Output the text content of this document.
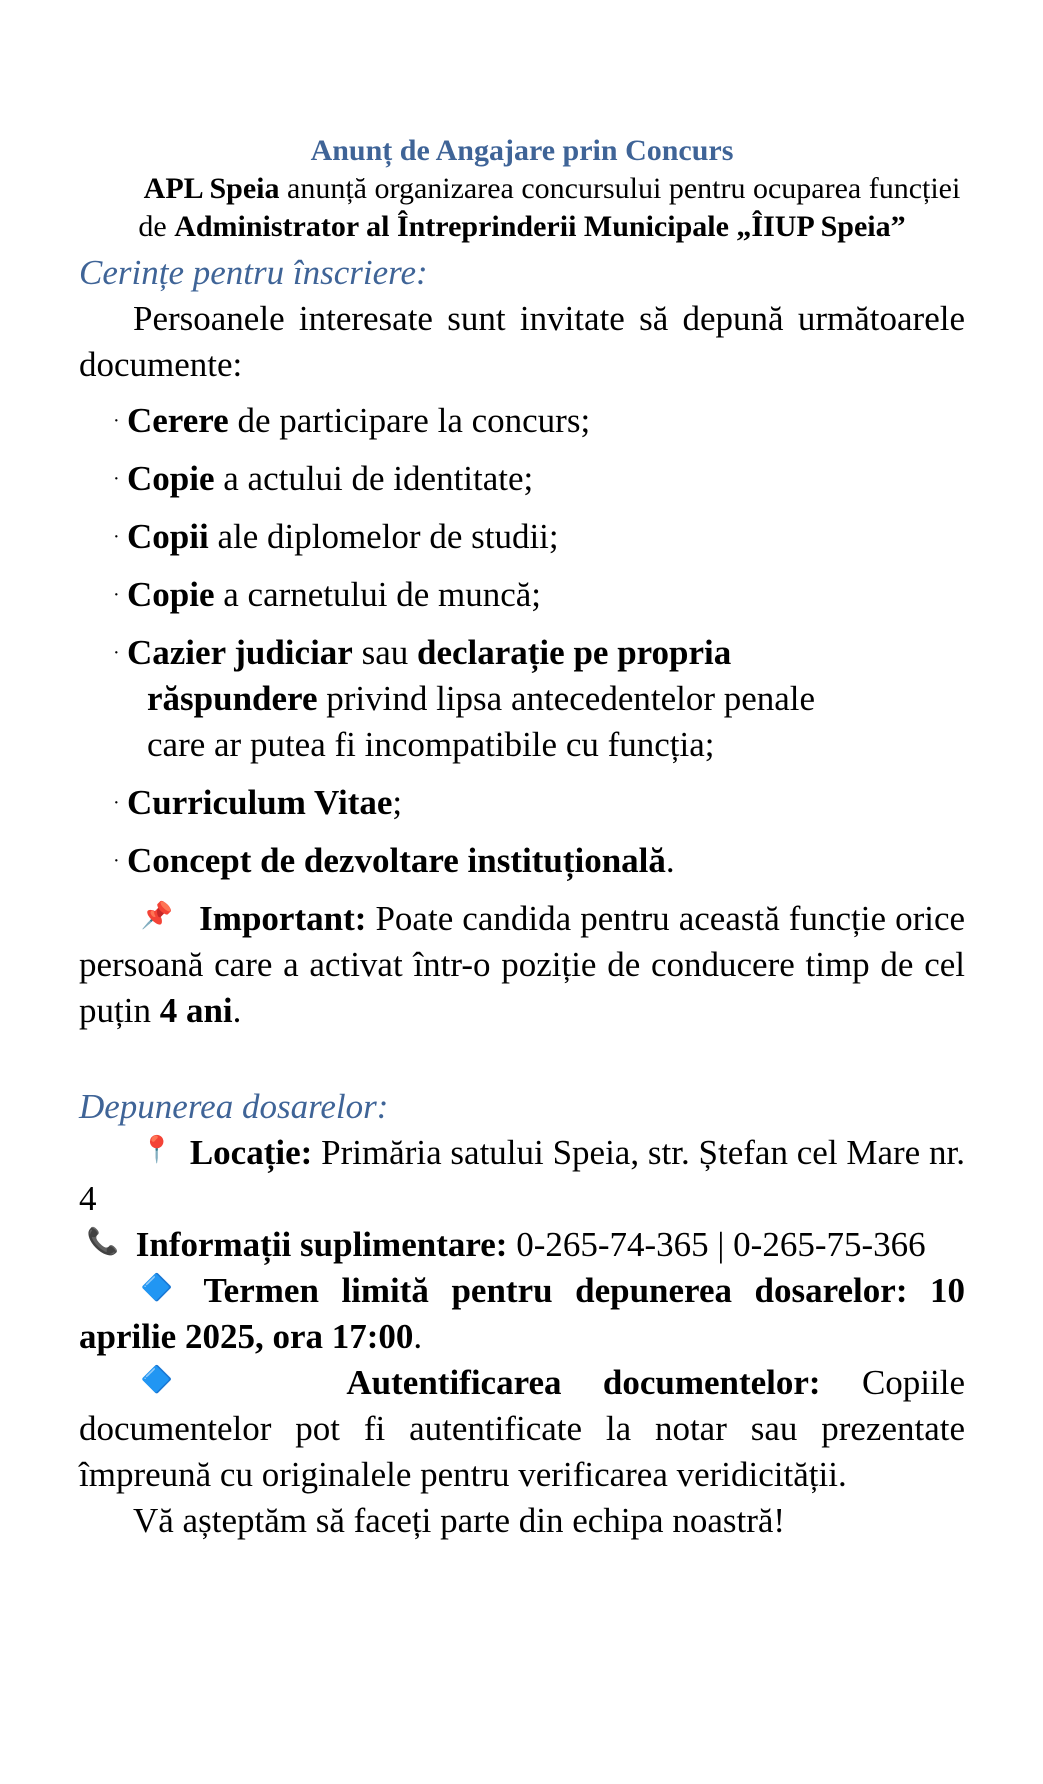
Anunț de Angajare prin Concurs
APL Speia anunță organizarea concursului pentru ocuparea funcției de Administrator al Întreprinderii Municipale „ÎIUP Speia”
Cerințe pentru înscriere:
Persoanele interesate sunt invitate să depună următoarele documente:
· Cerere de participare la concurs;
· Copie a actului de identitate;
· Copii ale diplomelor de studii;
· Copie a carnetului de muncă;
· Cazier judiciar sau declarație pe propria răspundere privind lipsa antecedentelor penale care ar putea fi incompatibile cu funcția;
· Curriculum Vitae;
· Concept de dezvoltare instituțională.
📌 Important: Poate candida pentru această funcție orice persoană care a activat într-o poziție de conducere timp de cel puțin 4 ani.
Depunerea dosarelor:
📍 Locație: Primăria satului Speia, str. Ștefan cel Mare nr. 4
📞 Informații suplimentare: 0-265-74-365 | 0-265-75-366
🔷 Termen limită pentru depunerea dosarelor: 10 aprilie 2025, ora 17:00.
🔷	Autentificarea documentelor: Copiile documentelor pot fi autentificate la notar sau prezentate împreună cu originalele pentru verificarea veridicității.
Vă așteptăm să faceți parte din echipa noastră!
